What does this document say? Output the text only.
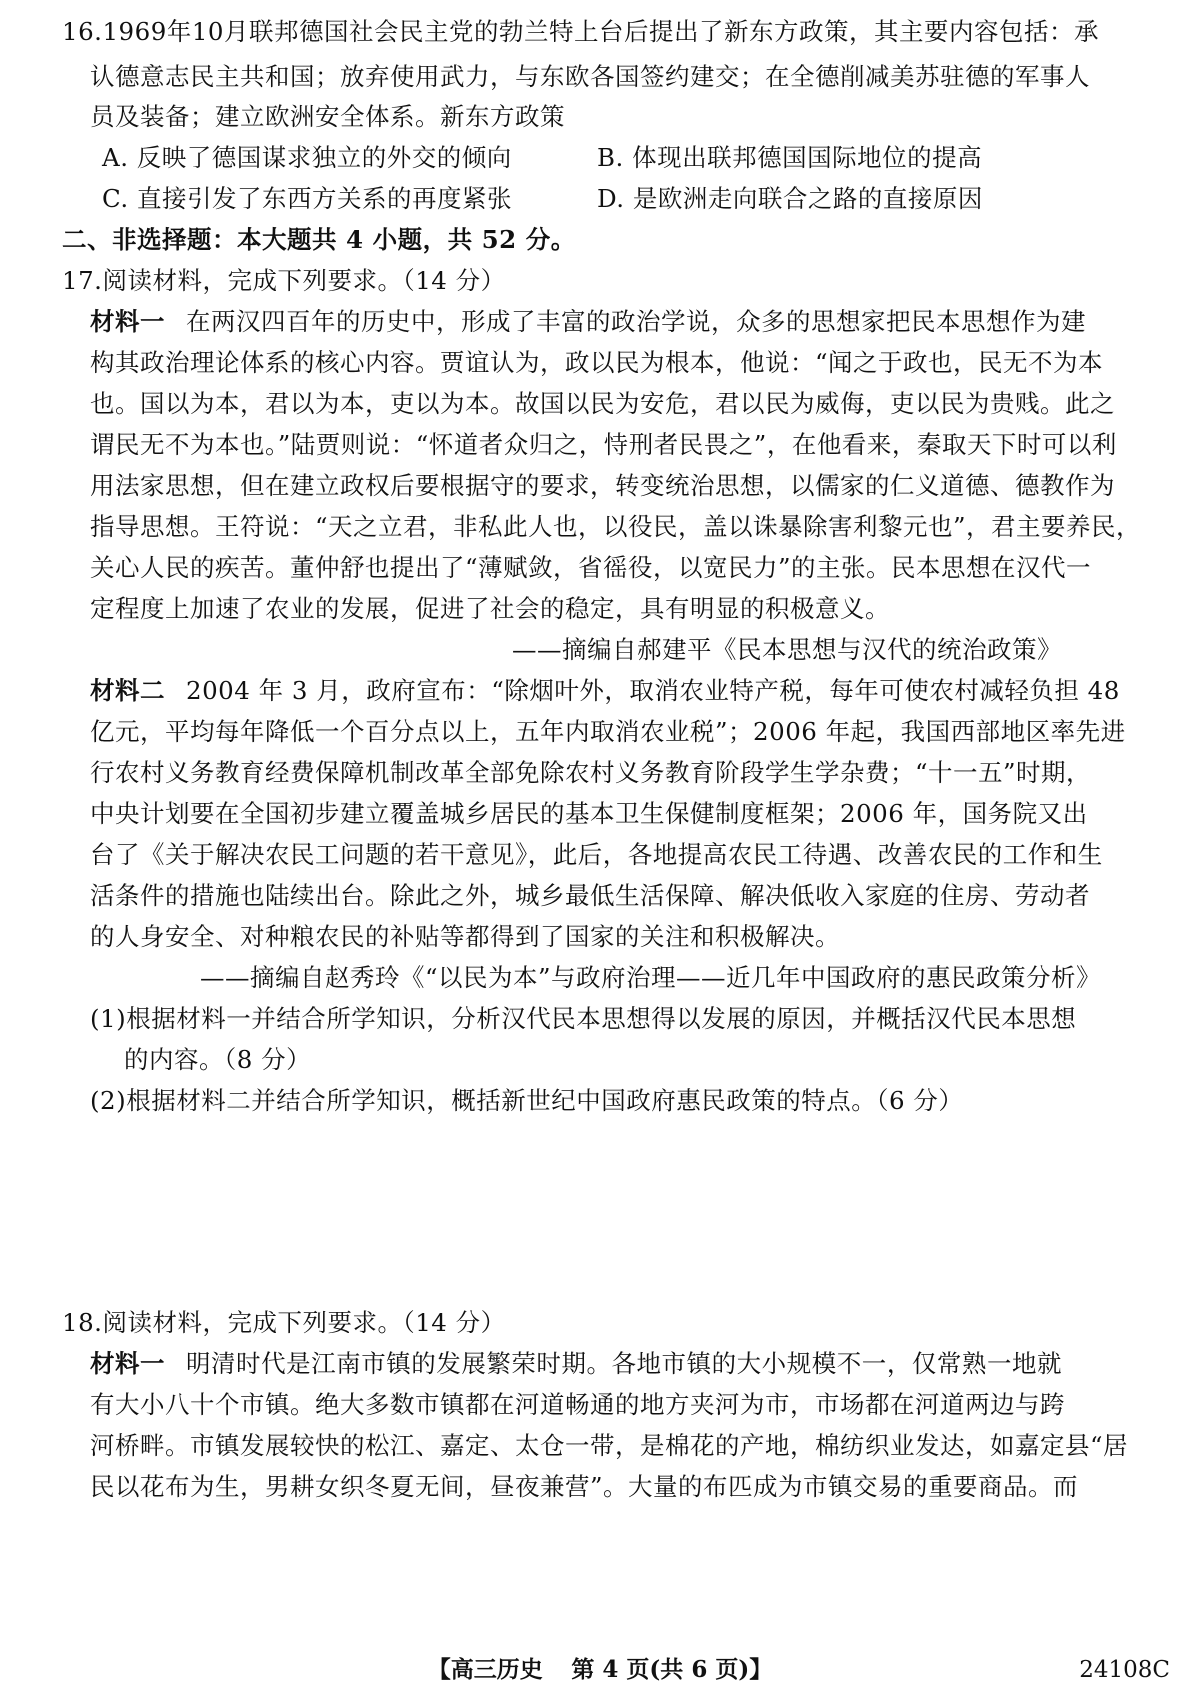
16.1969年10月联邦德国社会民主党的勃兰特上台后提出了新东方政策，其主要内容包括：承
认德意志民主共和国；放弃使用武力，与东欧各国签约建交；在全德削减美苏驻德的军事人
员及装备；建立欧洲安全体系。新东方政策
A. 反映了德国谋求独立的外交的倾向	B. 体现出联邦德国国际地位的提高
C. 直接引发了东西方关系的再度紧张	D. 是欧洲走向联合之路的直接原因
二、非选择题：本大题共 4 小题，共 52 分。
17.阅读材料，完成下列要求。（14 分）
材料一 在两汉四百年的历史中，形成了丰富的政治学说，众多的思想家把民本思想作为建
构其政治理论体系的核心内容。贾谊认为，政以民为根本，他说：“闻之于政也，民无不为本
也。国以为本，君以为本，吏以为本。故国以民为安危，君以民为威侮，吏以民为贵贱。此之
谓民无不为本也。”陆贾则说：“怀道者众归之，恃刑者民畏之”，在他看来，秦取天下时可以利
用法家思想，但在建立政权后要根据守的要求，转变统治思想，以儒家的仁义道德、德教作为
指导思想。王符说：“天之立君，非私此人也，以役民，盖以诛暴除害利黎元也”，君主要养民，
关心人民的疾苦。董仲舒也提出了“薄赋敛，省徭役，以宽民力”的主张。民本思想在汉代一
定程度上加速了农业的发展，促进了社会的稳定，具有明显的积极意义。
——摘编自郝建平《民本思想与汉代的统治政策》
材料二 2004 年 3 月，政府宣布：“除烟叶外，取消农业特产税，每年可使农村减轻负担 48
亿元，平均每年降低一个百分点以上，五年内取消农业税”；2006 年起，我国西部地区率先进
行农村义务教育经费保障机制改革全部免除农村义务教育阶段学生学杂费；“十一五”时期，
中央计划要在全国初步建立覆盖城乡居民的基本卫生保健制度框架；2006 年，国务院又出
台了《关于解决农民工问题的若干意见》，此后，各地提高农民工待遇、改善农民的工作和生
活条件的措施也陆续出台。除此之外，城乡最低生活保障、解决低收入家庭的住房、劳动者
的人身安全、对种粮农民的补贴等都得到了国家的关注和积极解决。
——摘编自赵秀玲《“以民为本”与政府治理——近几年中国政府的惠民政策分析》
(1)根据材料一并结合所学知识，分析汉代民本思想得以发展的原因，并概括汉代民本思想
的内容。（8 分）
(2)根据材料二并结合所学知识，概括新世纪中国政府惠民政策的特点。（6 分）
18.阅读材料，完成下列要求。（14 分）
材料一 明清时代是江南市镇的发展繁荣时期。各地市镇的大小规模不一，仅常熟一地就
有大小八十个市镇。绝大多数市镇都在河道畅通的地方夹河为市，市场都在河道两边与跨
河桥畔。市镇发展较快的松江、嘉定、太仓一带，是棉花的产地，棉纺织业发达，如嘉定县“居
民以花布为生，男耕女织冬夏无间，昼夜兼营”。大量的布匹成为市镇交易的重要商品。而
【高三历史 第 4 页(共 6 页)】	24108C
